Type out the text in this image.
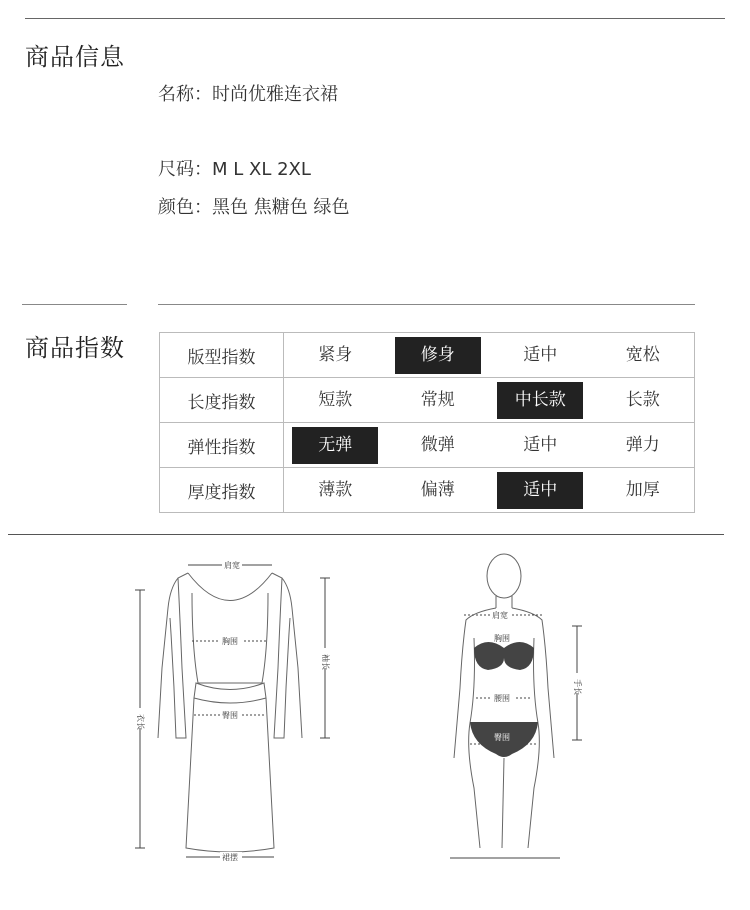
商品信息
名称：时尚优雅连衣裙
尺码：M L XL 2XL
颜色：黑色 焦糖色 绿色
商品指数	版型指数	紧身	修身	适中	宽松
长度指数	短款	常规	中长款	长款
弹性指数	无弹	微弹	适中	弹力
厚度指数	薄款	偏薄	适中	加厚
肩宽
胸围
臀围
裙摆
衣长
袖长
肩宽
胸围
腰围
臀围
手长
